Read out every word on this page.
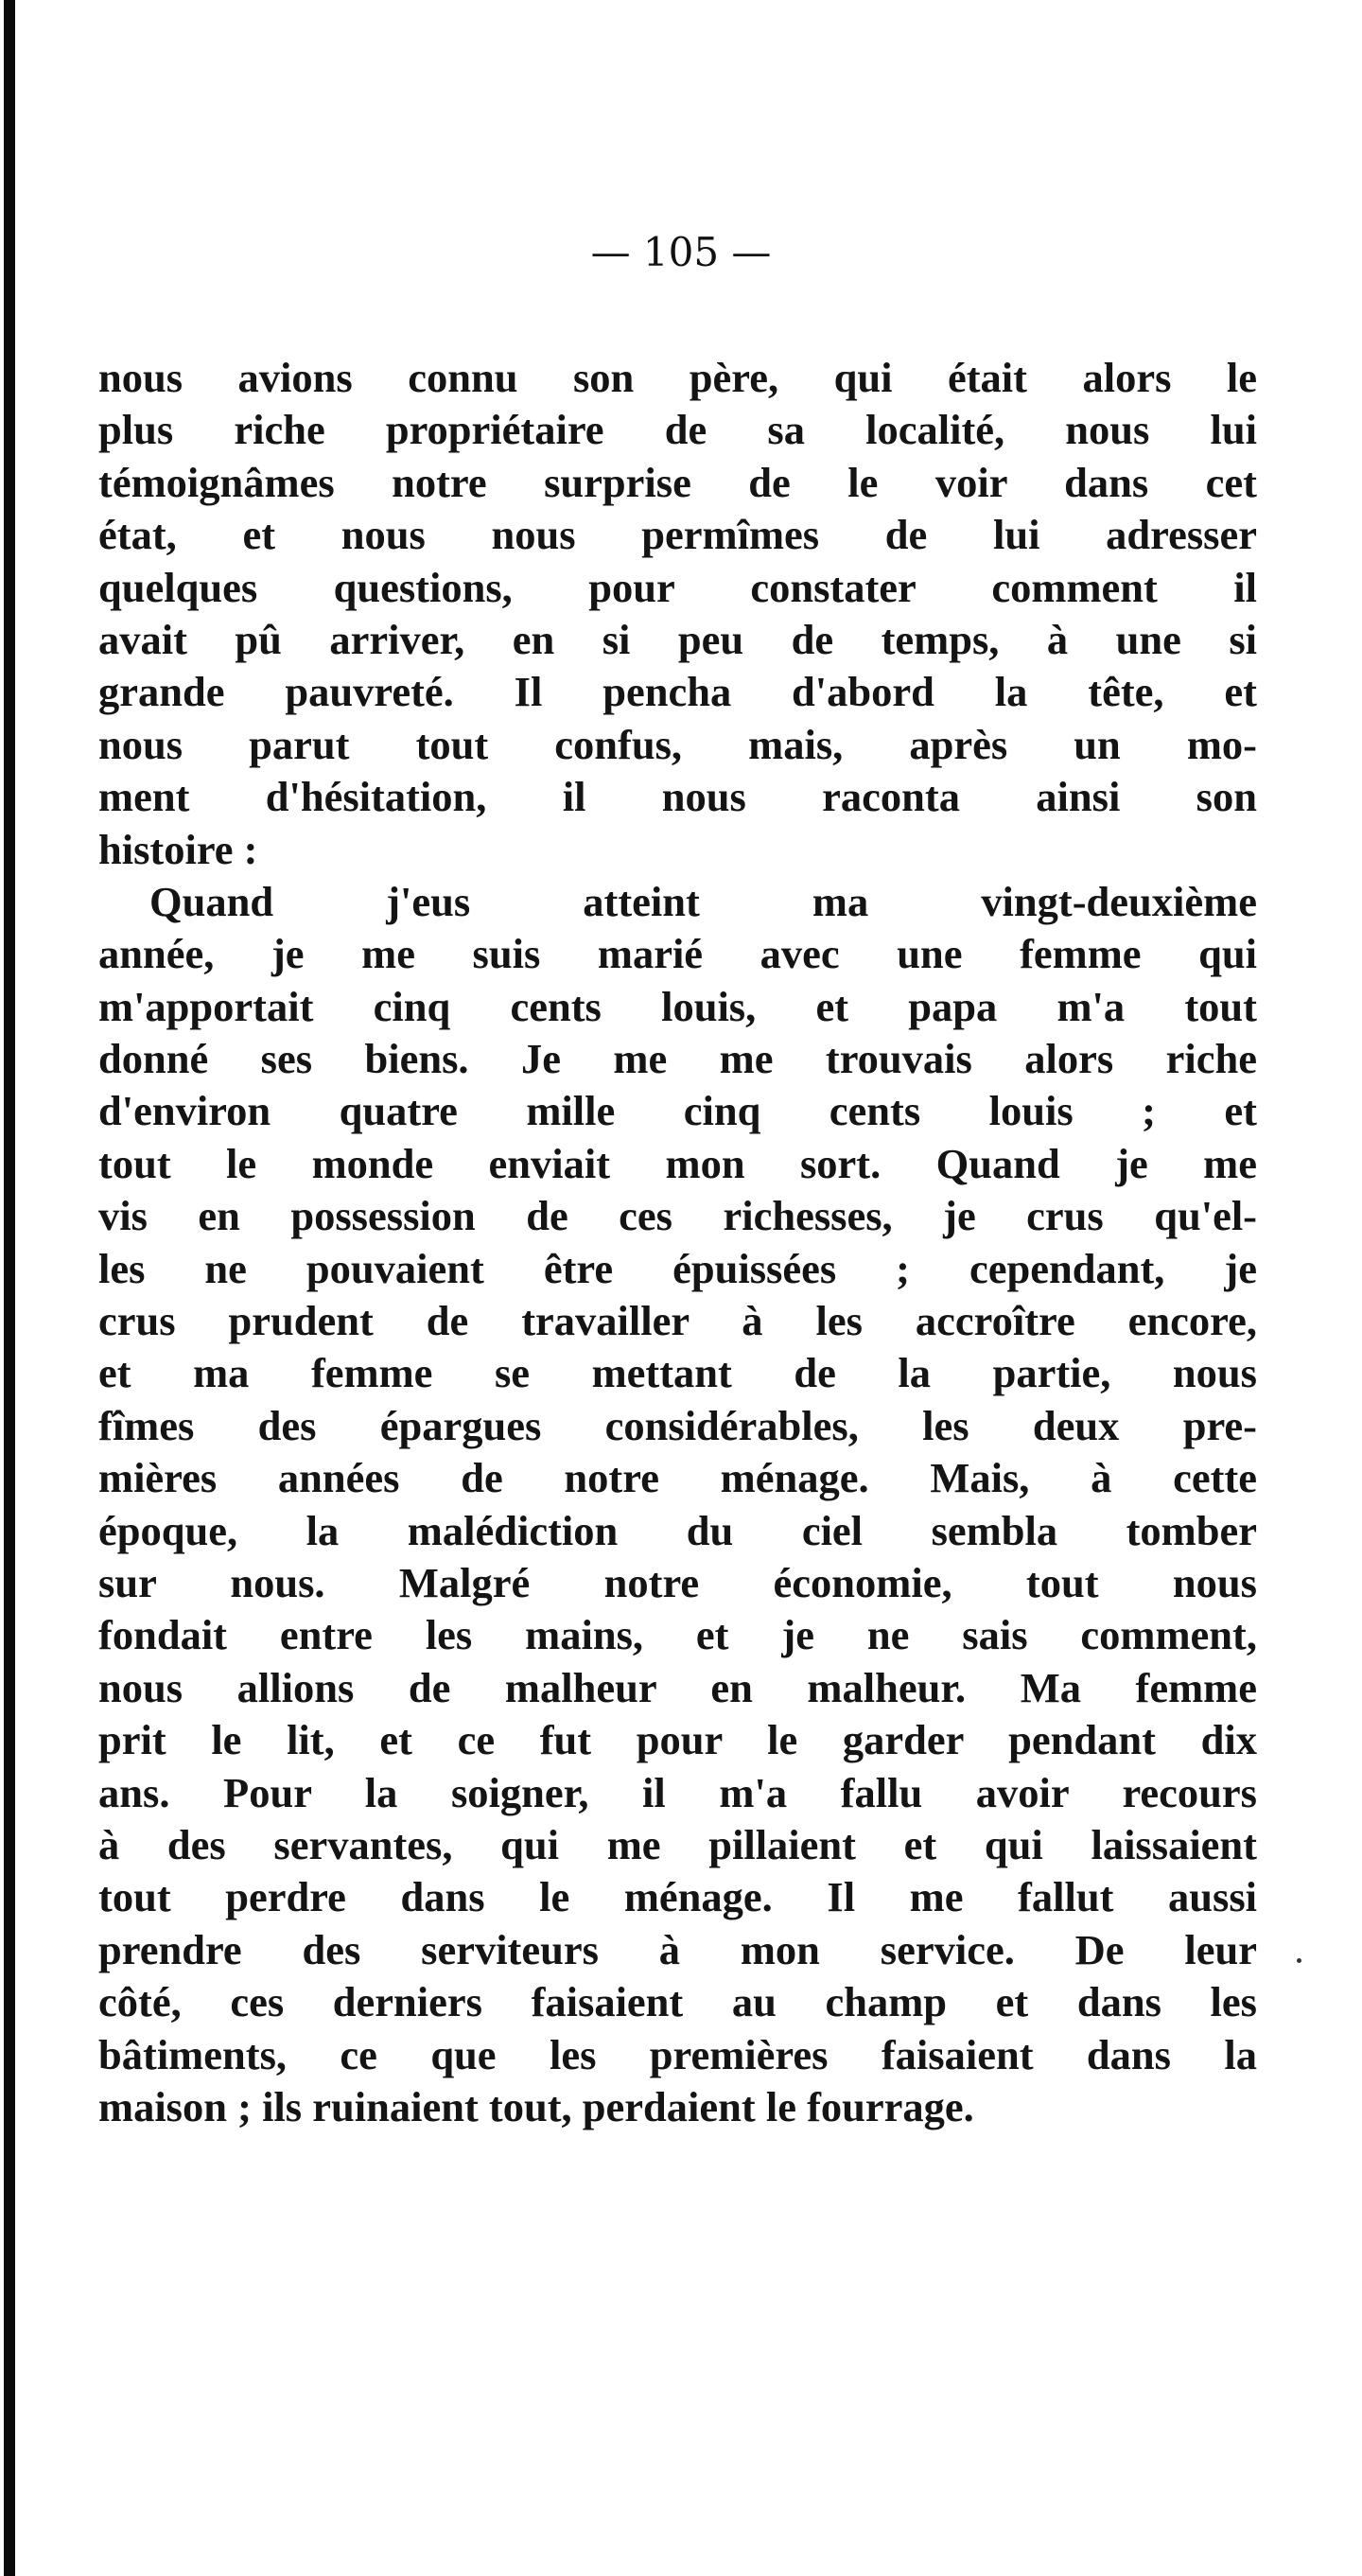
— 105 —

nous avions connu son père, qui était alors le
plus riche propriétaire de sa localité, nous lui
témoignâmes notre surprise de le voir dans cet
état, et nous nous permîmes de lui adresser
quelques questions, pour constater comment il
avait pû arriver, en si peu de temps, à une si
grande pauvreté. Il pencha d'abord la tête, et
nous parut tout confus, mais, après un mo-
ment d'hésitation, il nous raconta ainsi son
histoire :
Quand j'eus atteint ma vingt-deuxième
année, je me suis marié avec une femme qui
m'apportait cinq cents louis, et papa m'a tout
donné ses biens. Je me me trouvais alors riche
d'environ quatre mille cinq cents louis ; et
tout le monde enviait mon sort. Quand je me
vis en possession de ces richesses, je crus qu'el-
les ne pouvaient être épuissées ; cependant, je
crus prudent de travailler à les accroître encore,
et ma femme se mettant de la partie, nous
fîmes des épargues considérables, les deux pre-
mières années de notre ménage. Mais, à cette
époque, la malédiction du ciel sembla tomber
sur nous. Malgré notre économie, tout nous
fondait entre les mains, et je ne sais comment,
nous allions de malheur en malheur. Ma femme
prit le lit, et ce fut pour le garder pendant dix
ans. Pour la soigner, il m'a fallu avoir recours
à des servantes, qui me pillaient et qui laissaient
tout perdre dans le ménage. Il me fallut aussi
prendre des serviteurs à mon service. De leur
côté, ces derniers faisaient au champ et dans les
bâtiments, ce que les premières faisaient dans la
maison ; ils ruinaient tout, perdaient le fourrage.
